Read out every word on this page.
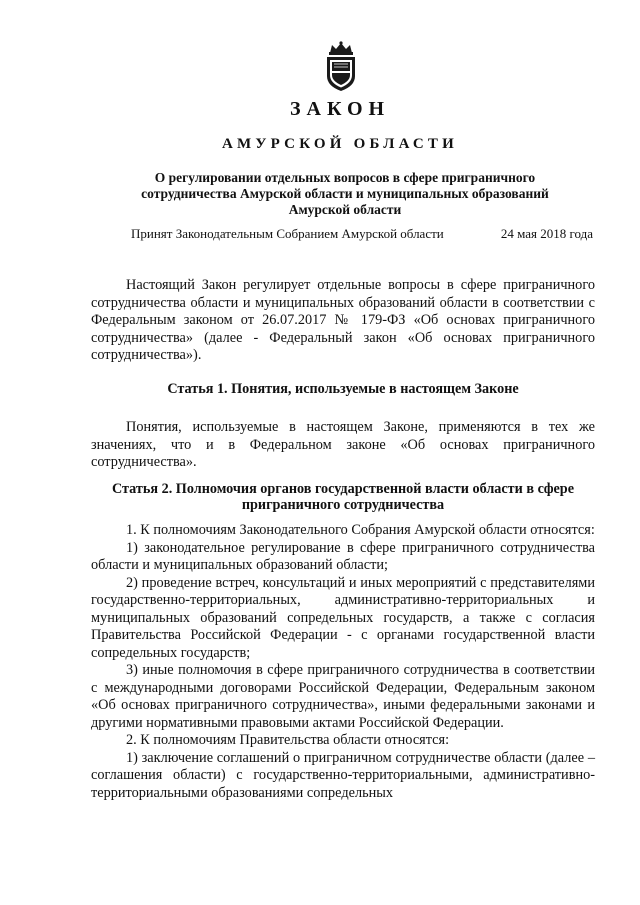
ЗАКОН
АМУРСКОЙ ОБЛАСТИ
О регулировании отдельных вопросов в сфере приграничного сотрудничества Амурской области и муниципальных образований Амурской области
Принят Законодательным Собранием Амурской области	24 мая 2018 года
Настоящий Закон регулирует отдельные вопросы в сфере приграничного сотрудничества области и муниципальных образований области в соответствии с Федеральным законом от 26.07.2017 № 179-ФЗ «Об основах приграничного сотрудничества» (далее - Федеральный закон «Об основах приграничного сотрудничества»).
Статья 1. Понятия, используемые в настоящем Законе
Понятия, используемые в настоящем Законе, применяются в тех же значениях, что и в Федеральном законе «Об основах приграничного сотрудничества».
Статья 2. Полномочия органов государственной власти области в сфере приграничного сотрудничества

1. К полномочиям Законодательного Собрания Амурской области относятся:

1) законодательное регулирование в сфере приграничного сотрудничества области и муниципальных образований области;

2) проведение встреч, консультаций и иных мероприятий с представителями государственно-территориальных, административно-территориальных и муниципальных образований сопредельных государств, а также с согласия Правительства Российской Федерации - с органами государственной власти сопредельных государств;

3) иные полномочия в сфере приграничного сотрудничества в соответствии с международными договорами Российской Федерации, Федеральным законом «Об основах приграничного сотрудничества», иными федеральными законами и другими нормативными правовыми актами Российской Федерации.

2. К полномочиям Правительства области относятся:

1) заключение соглашений о приграничном сотрудничестве области (далее – соглашения области) с государственно-территориальными, административно-территориальными образованиями сопредельных
